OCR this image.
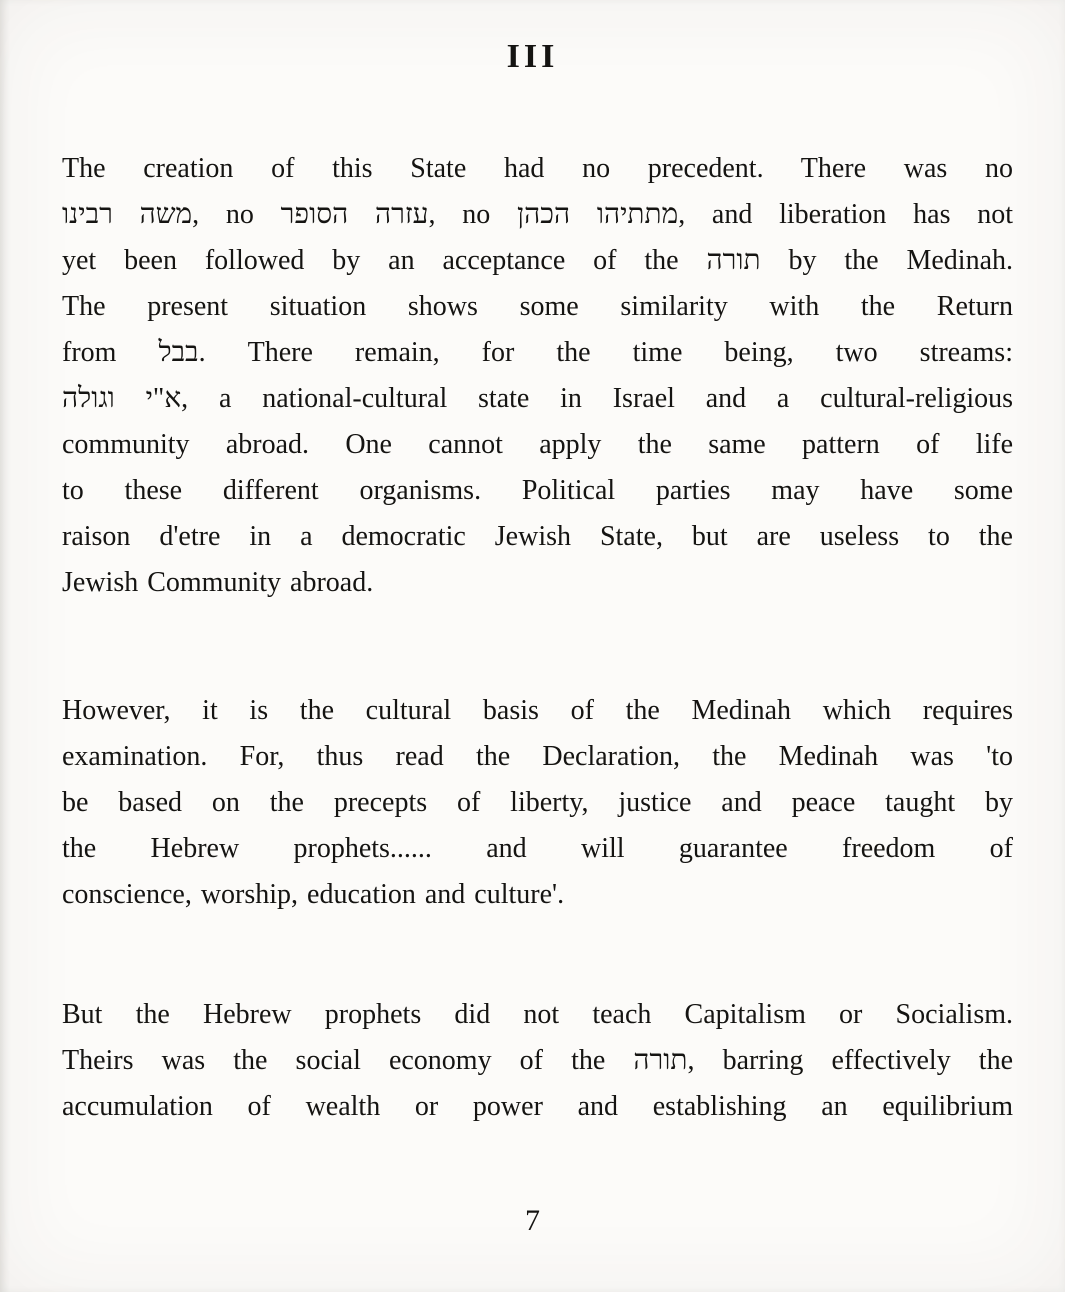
III
The creation of this State had no precedent. There was no
משה רבינו, no עזרה הסופר, no מתתיהו הכהן, and liberation has not
yet been followed by an acceptance of the תורה by the Medinah.
The present situation shows some similarity with the Return
from בבל. There remain, for the time being, two streams:
א"י וגולה, a national-cultural state in Israel and a cultural-religious
community abroad. One cannot apply the same pattern of life
to these different organisms. Political parties may have some
raison d'etre in a democratic Jewish State, but are useless to the
Jewish Community abroad.
However, it is the cultural basis of the Medinah which requires
examination. For, thus read the Declaration, the Medinah was 'to
be based on the precepts of liberty, justice and peace taught by
the Hebrew prophets...... and will guarantee freedom of
conscience, worship, education and culture'.
But the Hebrew prophets did not teach Capitalism or Socialism.
Theirs was the social economy of the תורה, barring effectively the
accumulation of wealth or power and establishing an equilibrium
7
